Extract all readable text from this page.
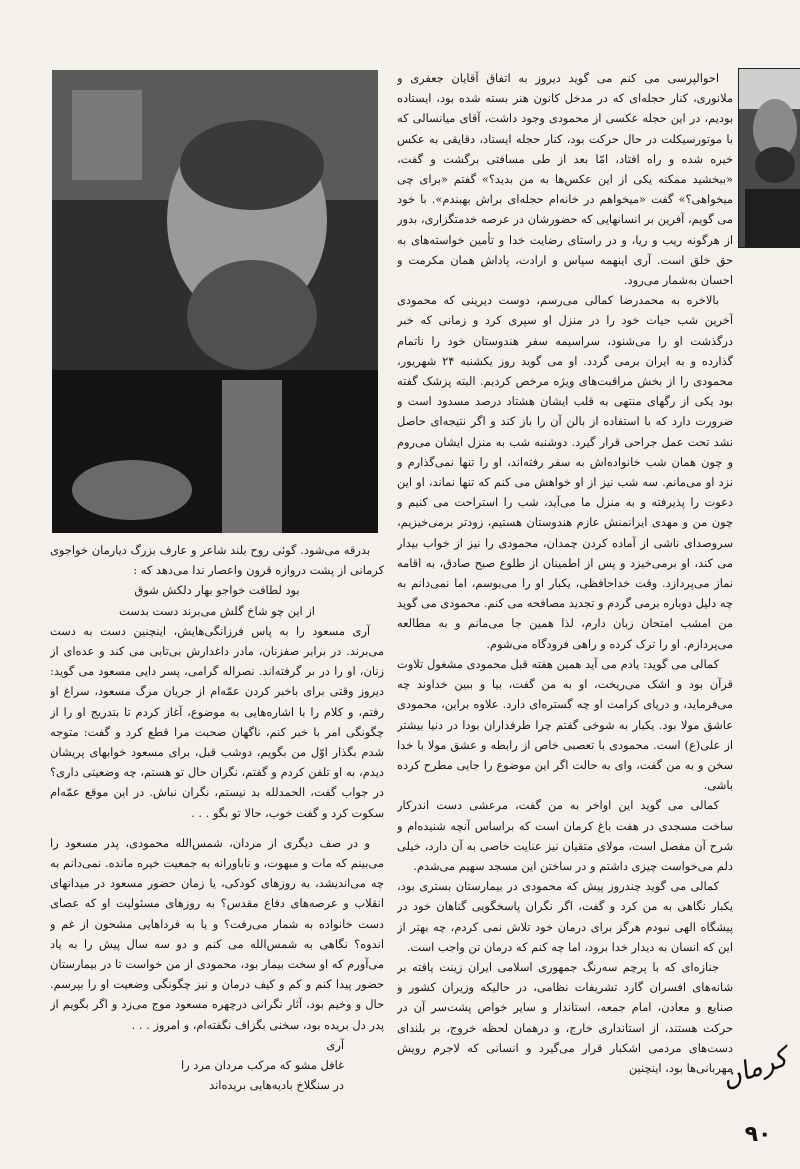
احوالپرسی می کنم می گوید دیروز به اتفاق آقایان جعفری و ملانوری، کنار حجله‌ای که در مدخل کانون هنر بسته شده بود، ایستاده بودیم، در این حجله عکسی از محمودی وجود داشت، آقای میانسالی که با موتورسیکلت در حال حرکت بود، کنار حجله ایستاد، دقایقی به عکس خیره شده و راه افتاد، امّا بعد از طی مسافتی برگشت و گفت، «ببخشید ممکنه یکی از این عکس‌ها به من بدید؟» گفتم «برای چی میخواهی؟» گفت «میخواهم در خانه‌ام حجله‌ای براش بهبندم». با خود می گویم، آفرین بر انسانهایی که حضورشان در عرصه خدمتگزاری، بدور از هرگونه ریب و ریا، و در راستای رضایت خدا و تأمین خواسته‌های به حق خلق است. آری اینهمه سپاس و ارادت، پاداش همان مکرمت و احسان به‌شمار می‌رود.

بالاخره به محمدرضا کمالی می‌رسم، دوست دیرینی که محمودی آخرین شب حیات خود را در منزل او سپری کرد و زمانی که خبر درگذشت او را می‌شنود، سراسیمه سفر هندوستان خود را ناتمام گذارده و به ایران برمی گردد. او می گوید روز یکشنبه ۲۴ شهریور، محمودی را از بخش مراقبت‌های ویژه مرخص کردیم. البته پزشک گفته بود یکی از رگهای منتهی به قلب ایشان هشتاد درصد مسدود است و ضرورت دارد که با استفاده از بالن آن را باز کند و اگر نتیجه‌ای حاصل نشد تحت عمل جراحی قرار گیرد. دوشنبه شب به منزل ایشان می‌روم و چون همان شب خانواده‌اش به سفر رفته‌اند، او را تنها نمی‌گذارم و نزد او می‌مانم. سه شب نیز از او خواهش می کنم که تنها نماند، او این دعوت را پذیرفته و به منزل ما می‌آید، شب را استراحت می کنیم و چون من و مهدی ایرانمنش عازم هندوستان هستیم، زودتر برمی‌خیزیم، سروصدای ناشی از آماده کردن چمدان، محمودی را نیز از خواب بیدار می کند، او برمی‌خیزد و پس از اطمینان از طلوع صبح صادق، به اقامه نماز می‌پردازد. وقت خداحافظی، یکبار او را می‌بوسم، اما نمی‌دانم به چه دلیل دوباره برمی گردم و تجدید مصافحه می کنم. محمودی می گوید من امشب امتحان زبان دارم، لذا همین جا می‌مانم و به مطالعه می‌پردازم. او را ترک کرده و راهی فرودگاه می‌شوم.

کمالی می گوید: یادم می آید همین هفته قبل محمودی مشغول تلاوت قرآن بود و اشک می‌ریخت، او به من گفت، بیا و ببین خداوند چه می‌فرماید، و دریای کرامت او چه گستره‌ای دارد. علاوه براین، محمودی عاشق مولا بود. یکبار به شوخی گفتم چرا طرفداران بودا در دنیا بیشتر از علی(ع) است. محمودی با تعصبی خاص از رابطه و عشق مولا با خدا سخن و به من گفت، وای به حالت اگر این موضوع را جایی مطرح کرده باشی.

کمالی می گوید این اواخر به من گفت، مرعشی دست اندرکار ساخت مسجدی در هفت باغ کرمان است که براساس آنچه شنیده‌ام و شرح آن مفصل است، مولای متقیان نیز عنایت خاصی به آن دارد، خیلی دلم می‌خواست چیزی داشتم و در ساختن این مسجد سهیم می‌شدم.

کمالی می گوید چندروز پیش که محمودی در بیمارستان بستری بود، یکبار نگاهی به من کرد و گفت، اگر نگران پاسخگویی گناهان خود در پیشگاه الهی نبودم هرگز برای درمان خود تلاش نمی کردم، چه بهتر از این که انسان به دیدار خدا برود، اما چه کنم که درمان تن واجب است.

جنازه‌ای که با پرچم سه‌رنگ جمهوری اسلامی ایران زینت یافته بر شانه‌های افسران گارد تشریفات نظامی، در حالیکه وزیران کشور و صنایع و معادن، امام جمعه، استاندار و سایر خواص پشت‌سر آن در حرکت هستند، از استانداری خارج، و درهمان لحظه خروج، بر بلندای دست‌های مردمی اشکبار قرار می‌گیرد و انسانی که لاجرم رویش مهربانی‌ها بود، اینچنین

بدرقه می‌شود. گوئی روح بلند شاعر و عارف بزرگ دیارمان خواجوی کرمانی از پشت دروازه قرون واعصار ندا می‌دهد که :

بود لطافت خواجو بهار دلکش شوق

از این چو شاخ گلش می‌برند دست بدست

آری مسعود را به پاس فرزانگی‌هایش، اینچنین دست به دست می‌برند. در برابر صفزنان، مادر داغدارش بی‌تابی می کند و عده‌ای از زنان، او را در بر گرفته‌اند. نصراله گرامی، پسر دایی مسعود می گوید: دیروز وقتی برای باخبر کردن عمّه‌ام از جریان مرگ مسعود، سراغ او رفتم، و کلام را با اشاره‌هایی به موضوع، آغاز کردم تا بتدریج او را از چگونگی امر با خبر کنم، ناگهان صحبت مرا قطع کرد و گفت: متوجه شدم بگذار اوّل من بگویم، دوشب قبل، برای مسعود خوابهای پریشان دیدم، به او تلفن کردم و گفتم، نگران حال تو هستم، چه وضعیتی داری؟ در جواب گفت، الحمدلله بد نیستم، نگران نباش. در این موقع عمّه‌ام سکوت کرد و گفت خوب، حالا تو بگو . . .

و در صف دیگری از مردان، شمس‌الله محمودی، پدر مسعود را می‌بینم که مات و مبهوت، و ناباورانه به جمعیت خیره مانده. نمی‌دانم به چه می‌اندیشد، به روزهای کودکی، یا زمان حضور مسعود در میدانهای انقلاب و عرصه‌های دفاع مقدس؟ به روزهای مسئولیت او که عصای دست خانواده به شمار می‌رفت؟ و یا به فرداهایی مشحون از غم و اندوه؟ نگاهی به شمس‌الله می کنم و دو سه سال پیش را به یاد می‌آورم که او سخت بیمار بود، محمودی از من خواست تا در بیمارستان حضور پیدا کنم و کم و کیف درمان و نیز چگونگی وضعیت او را بپرسم. حال و وخیم بود، آثار نگرانی درچهره مسعود موج می‌زد و اگر بگویم از پدر دل بریده بود، سخنی بگزاف نگفته‌ام، و امروز . . .

آری

غافل مشو که مرکب مردان مرد را

در سنگلاخ بادیه‌هایی بریده‌اند	کرمان
۹۰
